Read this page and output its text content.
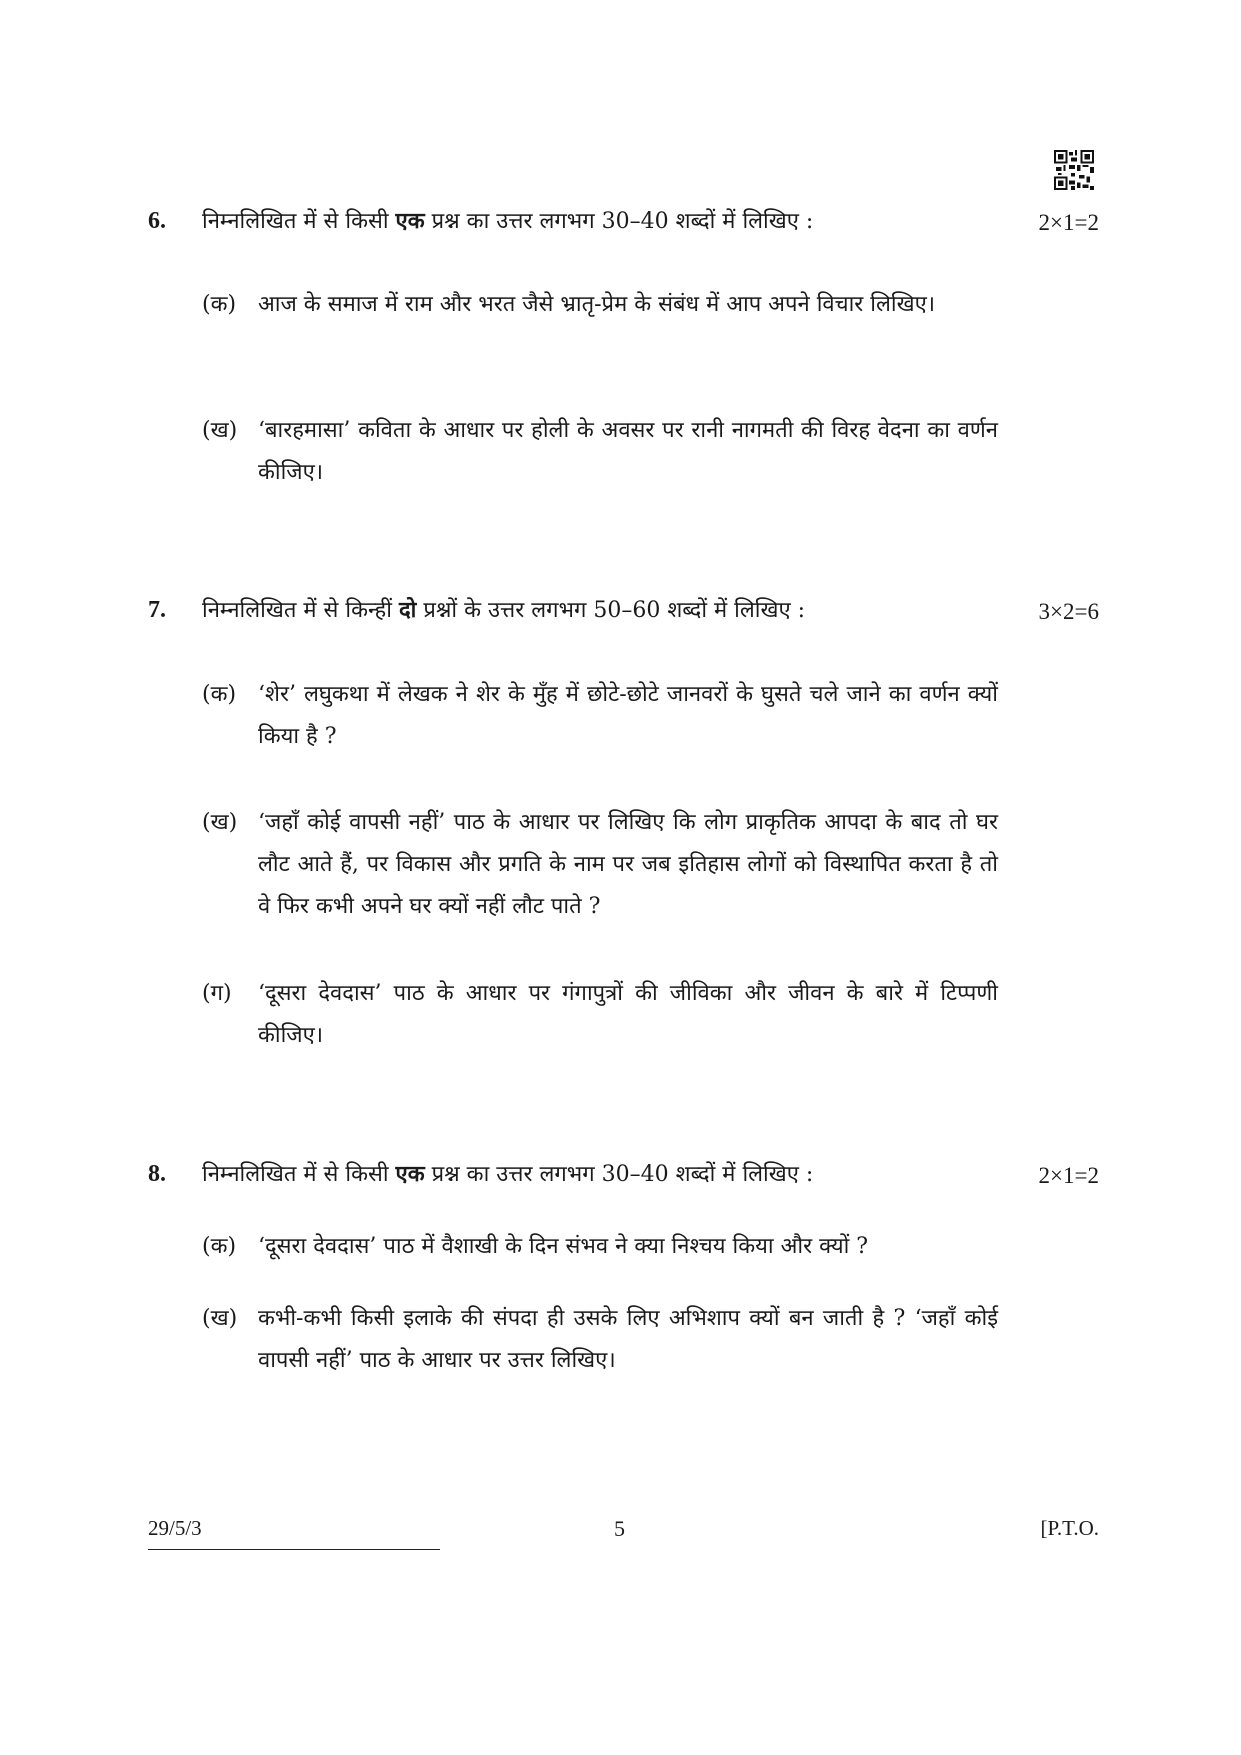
6. निम्नलिखित में से किसी एक प्रश्न का उत्तर लगभग 30–40 शब्दों में लिखिए :	2×1=2
(क) आज के समाज में राम और भरत जैसे भ्रातृ-प्रेम के संबंध में आप अपने विचार लिखिए।
(ख) ‘बारहमासा’ कविता के आधार पर होली के अवसर पर रानी नागमती की विरह वेदना का वर्णन कीजिए।
7. निम्नलिखित में से किन्हीं दो प्रश्नों के उत्तर लगभग 50–60 शब्दों में लिखिए :	3×2=6
(क) ‘शेर’ लघुकथा में लेखक ने शेर के मुँह में छोटे-छोटे जानवरों के घुसते चले जाने का वर्णन क्यों किया है ?
(ख) ‘जहाँ कोई वापसी नहीं’ पाठ के आधार पर लिखिए कि लोग प्राकृतिक आपदा के बाद तो घर लौट आते हैं, पर विकास और प्रगति के नाम पर जब इतिहास लोगों को विस्थापित करता है तो वे फिर कभी अपने घर क्यों नहीं लौट पाते ?
(ग)	‘दूसरा देवदास’ पाठ के आधार पर गंगापुत्रों की जीविका और जीवन के बारे में टिप्पणी कीजिए।
8. निम्नलिखित में से किसी एक प्रश्न का उत्तर लगभग 30–40 शब्दों में लिखिए :	2×1=2
(क) ‘दूसरा देवदास’ पाठ में वैशाखी के दिन संभव ने क्या निश्चय किया और क्यों ?
(ख) कभी-कभी किसी इलाके की संपदा ही उसके लिए अभिशाप क्यों बन जाती है ? ‘जहाँ कोई वापसी नहीं’ पाठ के आधार पर उत्तर लिखिए।
29/5/3	5	[P.T.O.
